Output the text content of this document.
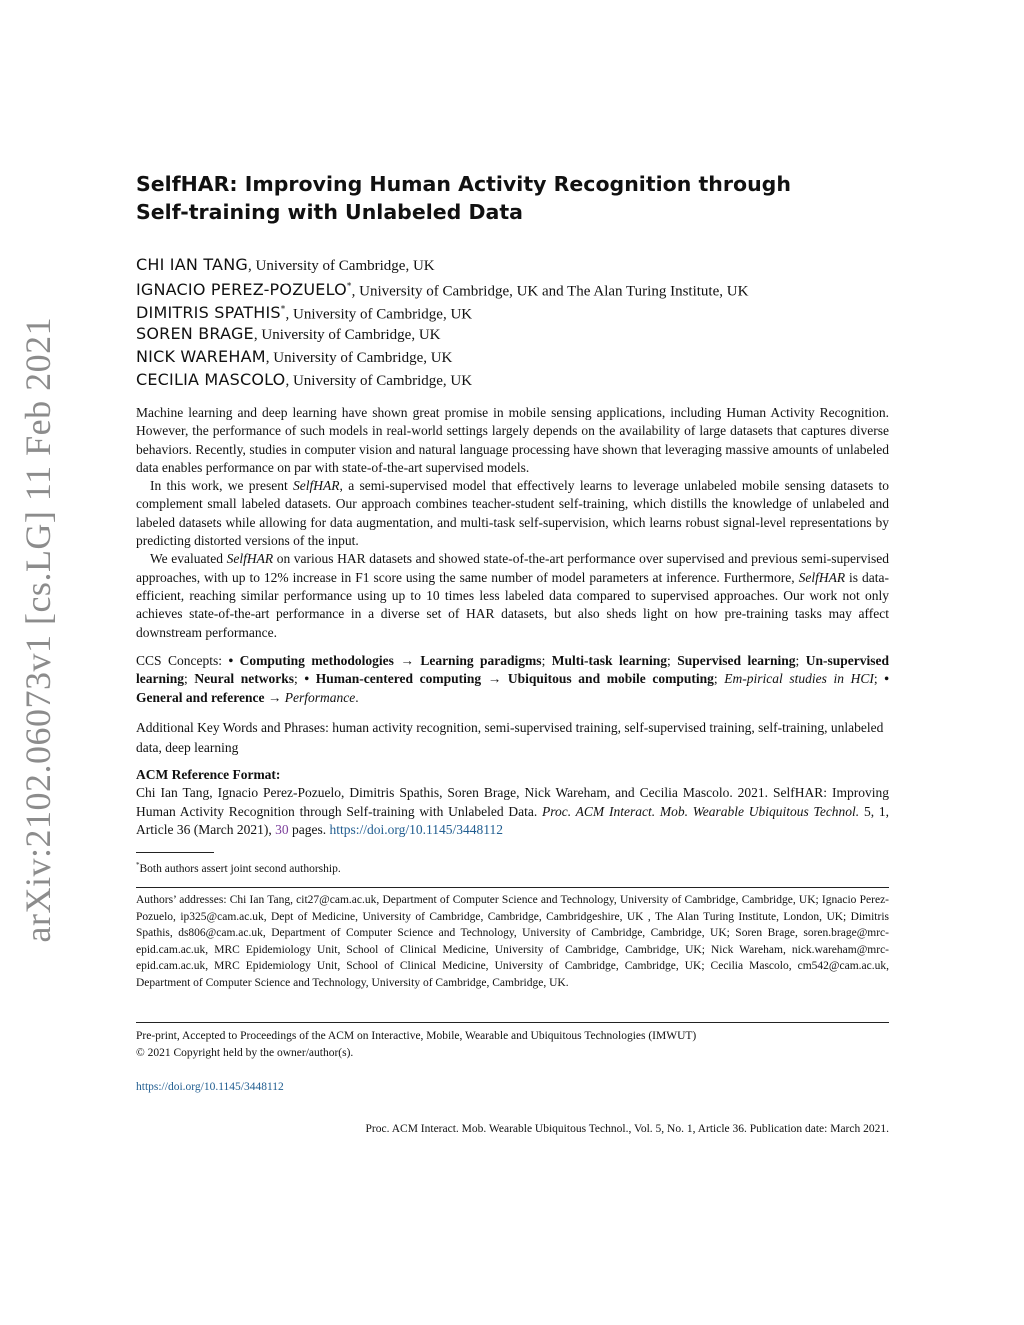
arXiv:2102.06073v1 [cs.LG] 11 Feb 2021
SelfHAR: Improving Human Activity Recognition through
Self-training with Unlabeled Data
CHI IAN TANG, University of Cambridge, UK
IGNACIO PEREZ-POZUELO*, University of Cambridge, UK and The Alan Turing Institute, UK
DIMITRIS SPATHIS*, University of Cambridge, UK
SOREN BRAGE, University of Cambridge, UK
NICK WAREHAM, University of Cambridge, UK
CECILIA MASCOLO, University of Cambridge, UK

Machine learning and deep learning have shown great promise in mobile sensing applications, including Human Activity Recognition. However, the performance of such models in real-world settings largely depends on the availability of large datasets that captures diverse behaviors. Recently, studies in computer vision and natural language processing have shown that leveraging massive amounts of unlabeled data enables performance on par with state-of-the-art supervised models.

In this work, we present SelfHAR, a semi-supervised model that effectively learns to leverage unlabeled mobile sensing datasets to complement small labeled datasets. Our approach combines teacher-student self-training, which distills the knowledge of unlabeled and labeled datasets while allowing for data augmentation, and multi-task self-supervision, which learns robust signal-level representations by predicting distorted versions of the input.

We evaluated SelfHAR on various HAR datasets and showed state-of-the-art performance over supervised and previous semi-supervised approaches, with up to 12% increase in F1 score using the same number of model parameters at inference. Furthermore, SelfHAR is data-efficient, reaching similar performance using up to 10 times less labeled data compared to supervised approaches. Our work not only achieves state-of-the-art performance in a diverse set of HAR datasets, but also sheds light on how pre-training tasks may affect downstream performance.

CCS Concepts: • Computing methodologies → Learning paradigms; Multi-task learning; Supervised learning; Un-supervised learning; Neural networks; • Human-centered computing → Ubiquitous and mobile computing; Em-pirical studies in HCI; • General and reference → Performance.
Additional Key Words and Phrases: human activity recognition, semi-supervised training, self-supervised training, self-training, unlabeled data, deep learning
ACM Reference Format:
Chi Ian Tang, Ignacio Perez-Pozuelo, Dimitris Spathis, Soren Brage, Nick Wareham, and Cecilia Mascolo. 2021. SelfHAR: Improving Human Activity Recognition through Self-training with Unlabeled Data. Proc. ACM Interact. Mob. Wearable Ubiquitous Technol. 5, 1, Article 36 (March 2021), 30 pages. https://doi.org/10.1145/3448112
*Both authors assert joint second authorship.
Authors’ addresses: Chi Ian Tang, cit27@cam.ac.uk, Department of Computer Science and Technology, University of Cambridge, Cambridge, UK; Ignacio Perez-Pozuelo, ip325@cam.ac.uk, Dept of Medicine, University of Cambridge, Cambridge, Cambridgeshire, UK , The Alan Turing Institute, London, UK; Dimitris Spathis, ds806@cam.ac.uk, Department of Computer Science and Technology, University of Cambridge, Cambridge, UK; Soren Brage, soren.brage@mrc-epid.cam.ac.uk, MRC Epidemiology Unit, School of Clinical Medicine, University of Cambridge, Cambridge, UK; Nick Wareham, nick.wareham@mrc-epid.cam.ac.uk, MRC Epidemiology Unit, School of Clinical Medicine, University of Cambridge, Cambridge, UK; Cecilia Mascolo, cm542@cam.ac.uk, Department of Computer Science and Technology, University of Cambridge, Cambridge, UK.
Pre-print, Accepted to Proceedings of the ACM on Interactive, Mobile, Wearable and Ubiquitous Technologies (IMWUT)
© 2021 Copyright held by the owner/author(s).
https://doi.org/10.1145/3448112
Proc. ACM Interact. Mob. Wearable Ubiquitous Technol., Vol. 5, No. 1, Article 36. Publication date: March 2021.
